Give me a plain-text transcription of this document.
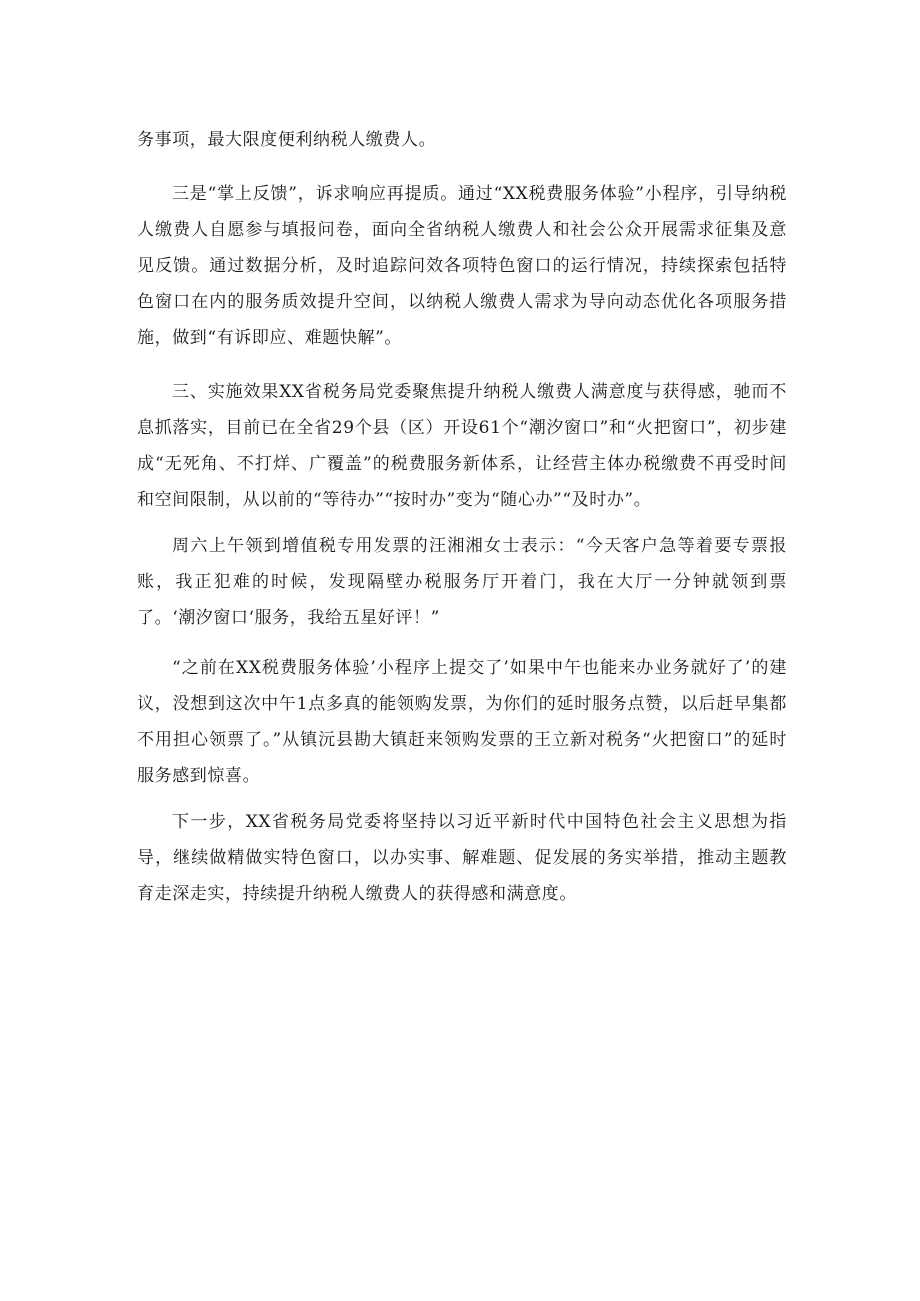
务事项，最大限度便利纳税人缴费人。

三是“掌上反馈”，诉求响应再提质。通过“XX税费服务体验”小程序，引导纳税人缴费人自愿参与填报问卷，面向全省纳税人缴费人和社会公众开展需求征集及意见反馈。通过数据分析，及时追踪问效各项特色窗口的运行情况，持续探索包括特色窗口在内的服务质效提升空间，以纳税人缴费人需求为导向动态优化各项服务措施，做到“有诉即应、难题快解”。

三、实施效果XX省税务局党委聚焦提升纳税人缴费人满意度与获得感，驰而不息抓落实，目前已在全省29个县（区）开设61个“潮汐窗口”和“火把窗口”，初步建成“无死角、不打烊、广覆盖”的税费服务新体系，让经营主体办税缴费不再受时间和空间限制，从以前的“等待办”“按时办”变为“随心办”“及时办”。

周六上午领到增值税专用发票的汪湘湘女士表示：“今天客户急等着要专票报账，我正犯难的时候，发现隔壁办税服务厅开着门，我在大厅一分钟就领到票了。‘潮汐窗口‘服务，我给五星好评！”

“之前在XX税费服务体验’小程序上提交了’如果中午也能来办业务就好了’的建议，没想到这次中午1点多真的能领购发票，为你们的延时服务点赞，以后赶早集都不用担心领票了。”从镇沅县勘大镇赶来领购发票的王立新对税务“火把窗口”的延时服务感到惊喜。

下一步，XX省税务局党委将坚持以习近平新时代中国特色社会主义思想为指导，继续做精做实特色窗口，以办实事、解难题、促发展的务实举措，推动主题教育走深走实，持续提升纳税人缴费人的获得感和满意度。
